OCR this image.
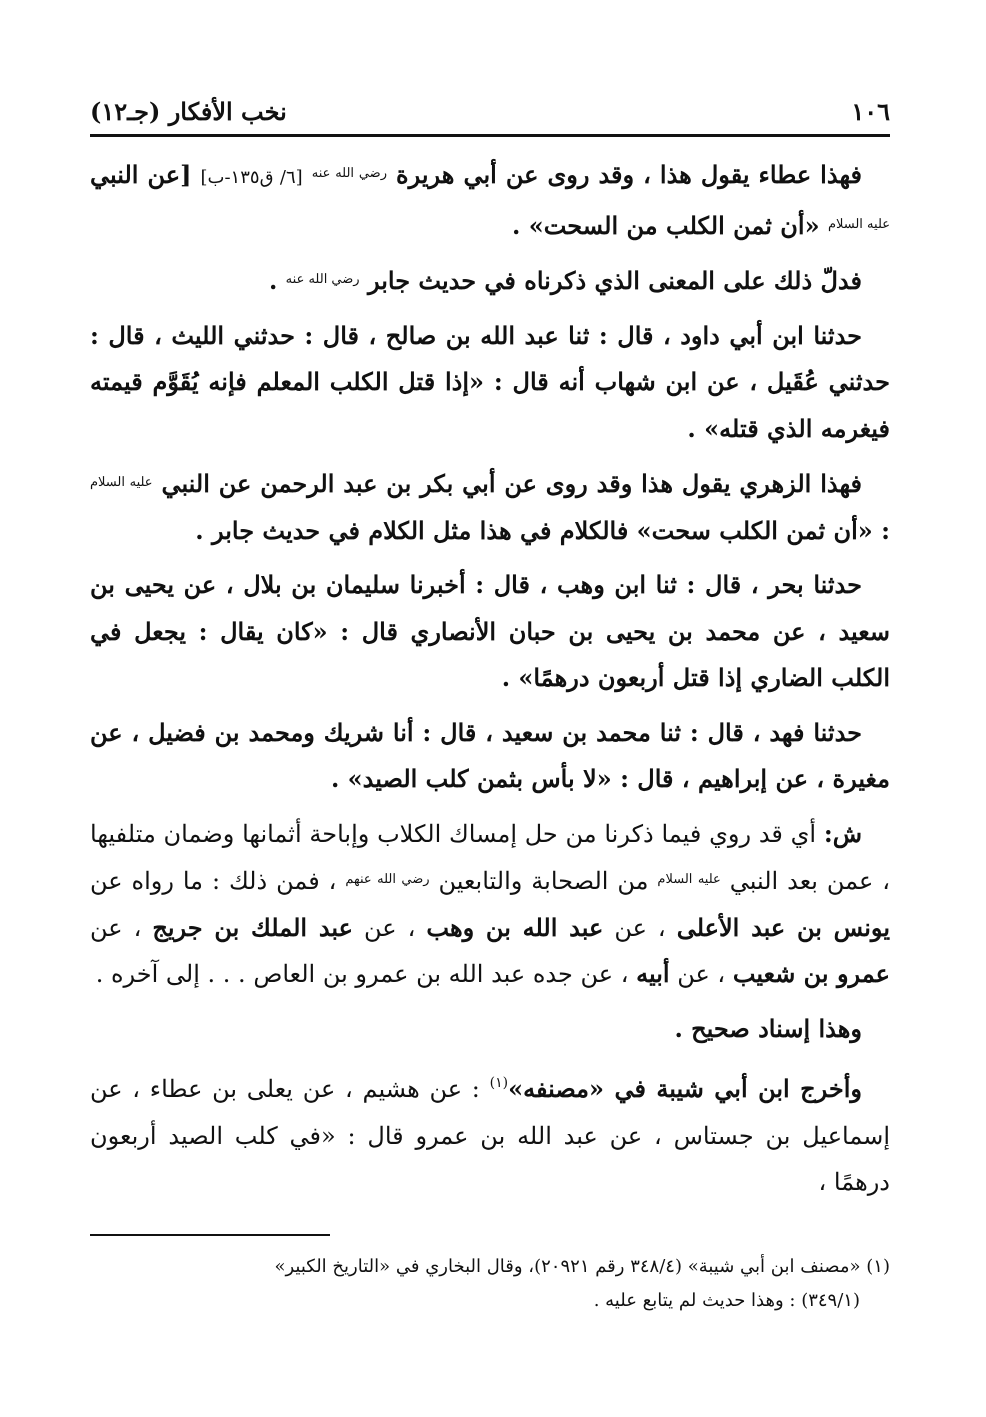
١٠٦
نخب الأفكار (جـ١٢)

فهذا عطاء يقول هذا ، وقد روى عن أبي هريرة $^{رضي الله عنه}$ [٦/ ق١٣٥-ب] [عن النبي $^{عليه السلام}$ «أن ثمن الكلب من السحت» .

فدلّ ذلك على المعنى الذي ذكرناه في حديث جابر $^{رضي الله عنه}$ .

حدثنا ابن أبي داود ، قال : ثنا عبد الله بن صالح ، قال : حدثني الليث ، قال : حدثني عُقَيل ، عن ابن شهاب أنه قال : «إذا قتل الكلب المعلم فإنه يُقَوَّم قيمته فيغرمه الذي قتله» .

فهذا الزهري يقول هذا وقد روى عن أبي بكر بن عبد الرحمن عن النبي $^{عليه السلام}$ : «أن ثمن الكلب سحت» فالكلام في هذا مثل الكلام في حديث جابر .

حدثنا بحر ، قال : ثنا ابن وهب ، قال : أخبرنا سليمان بن بلال ، عن يحيى بن سعيد ، عن محمد بن يحيى بن حبان الأنصاري قال : «كان يقال : يجعل في الكلب الضاري إذا قتل أربعون درهمًا» .

حدثنا فهد ، قال : ثنا محمد بن سعيد ، قال : أنا شريك ومحمد بن فضيل ، عن مغيرة ، عن إبراهيم ، قال : «لا بأس بثمن كلب الصيد» .

ش: أي قد روي فيما ذكرنا من حل إمساك الكلاب وإباحة أثمانها وضمان متلفيها ، عمن بعد النبي $^{عليه السلام}$ من الصحابة والتابعين $^{رضي الله عنهم}$ ، فمن ذلك : ما رواه عن يونس بن عبد الأعلى ، عن عبد الله بن وهب ، عن عبد الملك بن جريج ، عن عمرو بن شعيب ، عن أبيه ، عن جده عبد الله بن عمرو بن العاص . . . إلى آخره .

وهذا إسناد صحيح .

وأخرج ابن أبي شيبة في «مصنفه»$^{(١)}$ : عن هشيم ، عن يعلى بن عطاء ، عن إسماعيل بن جستاس ، عن عبد الله بن عمرو قال : «في كلب الصيد أربعون درهمًا ،

(١) «مصنف ابن أبي شيبة» (٣٤٨/٤ رقم ٢٠٩٢١)، وقال البخاري في «التاريخ الكبير»
(٣٤٩/١) : وهذا حديث لم يتابع عليه .
